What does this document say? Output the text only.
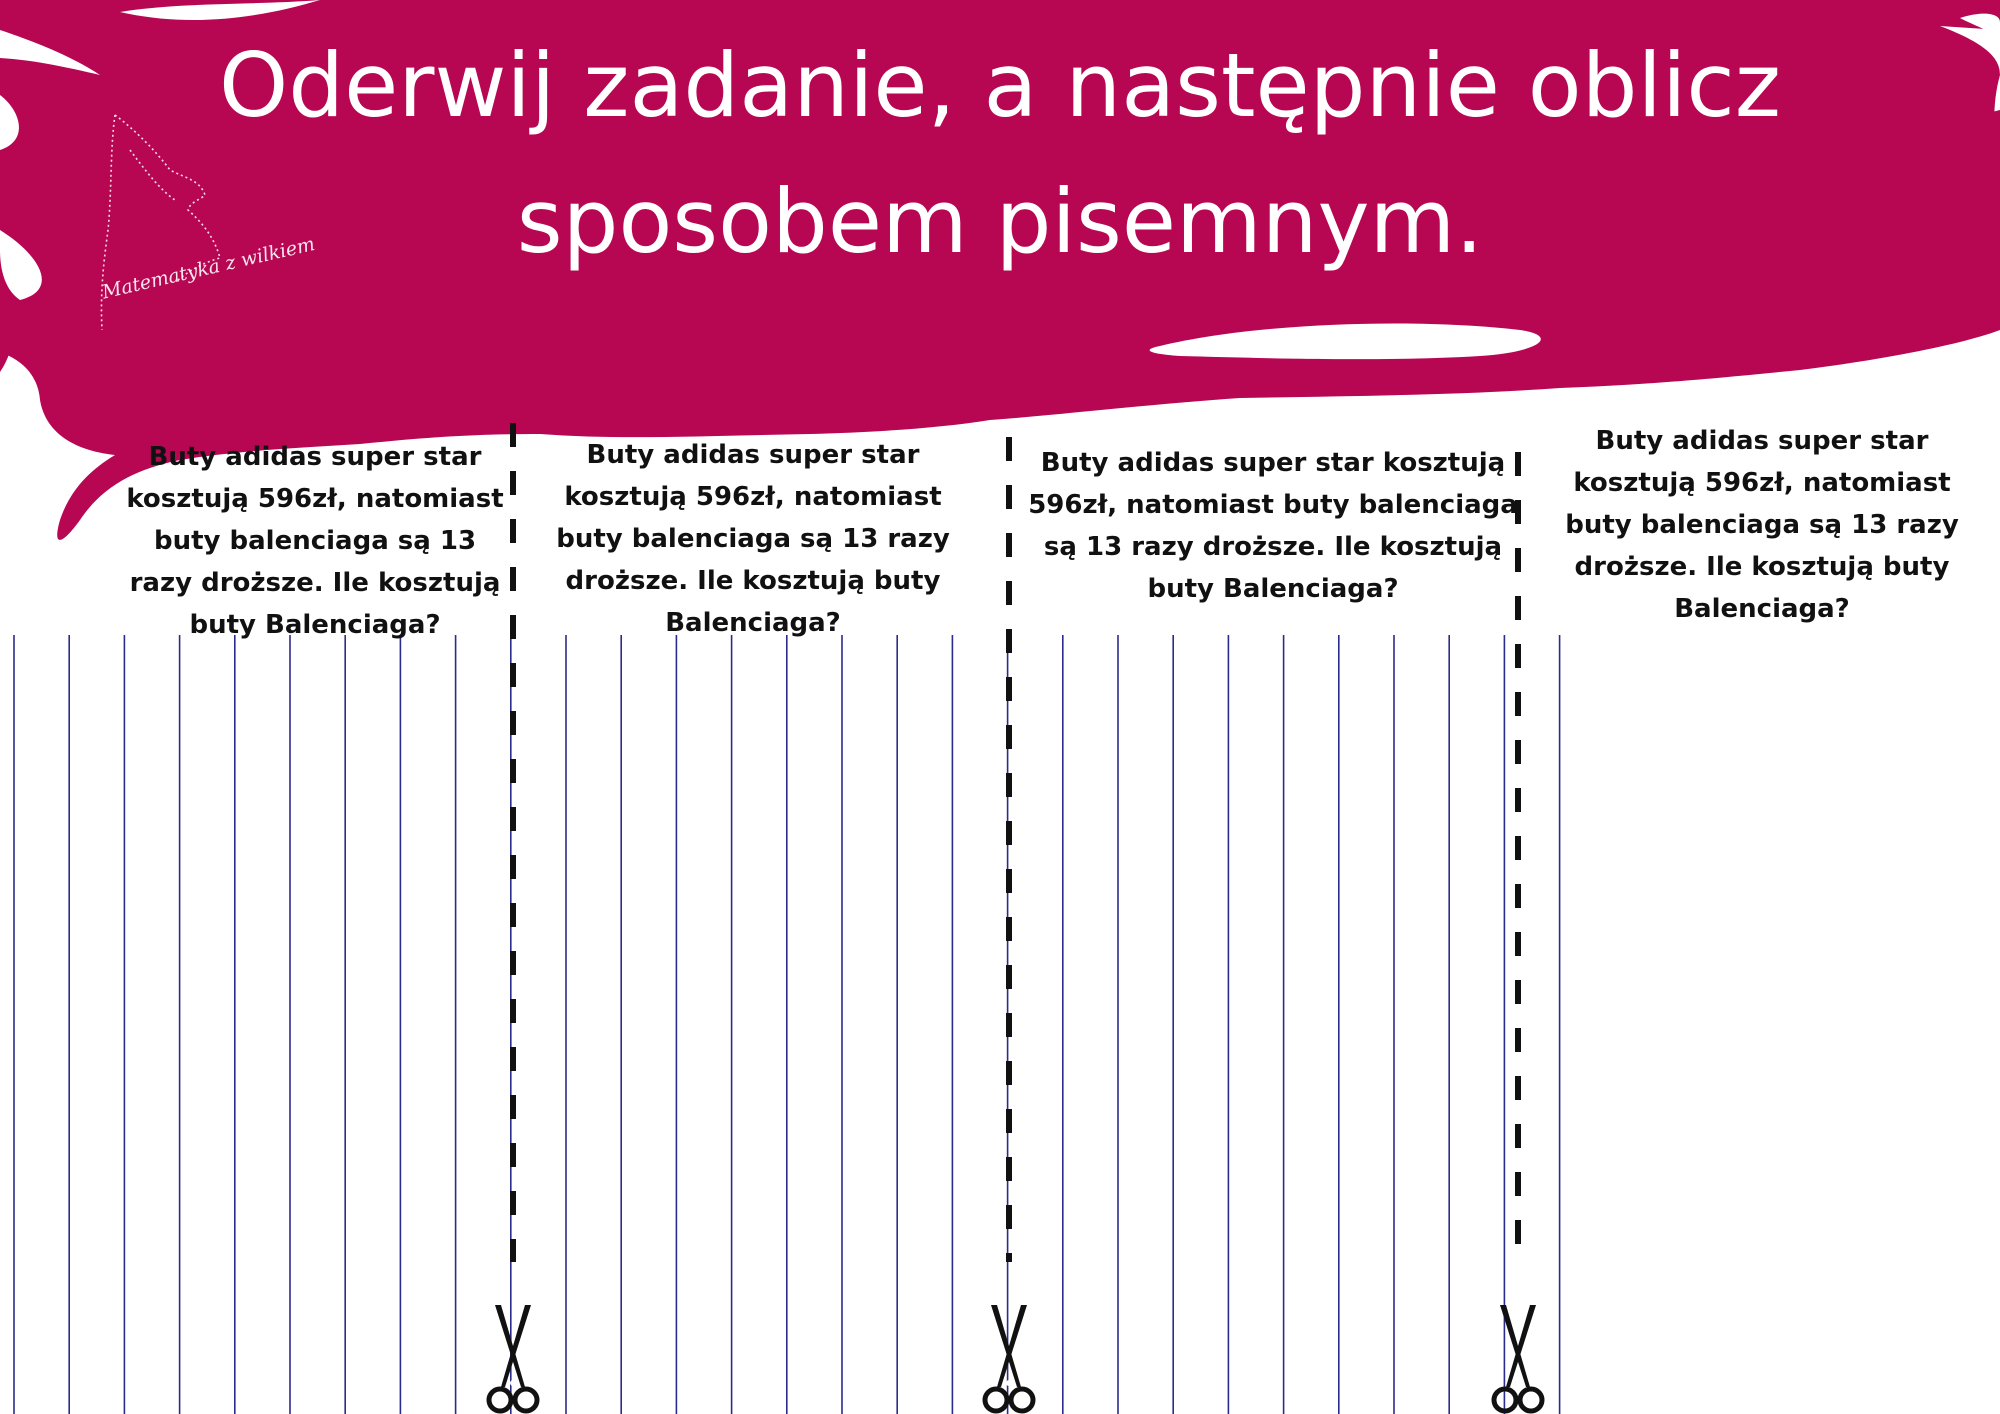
Matematyka z wilkiem
Oderwij zadanie, a następnie oblicz
sposobem pisemnym.
Buty adidas super star kosztują 596zł, natomiast buty balenciaga są 13 razy droższe. Ile kosztują buty Balenciaga?
Buty adidas super star kosztują 596zł, natomiast buty balenciaga są 13 razy droższe. Ile kosztują buty Balenciaga?
Buty adidas super star kosztują 596zł, natomiast buty balenciaga są 13 razy droższe. Ile kosztują buty Balenciaga?
Buty adidas super star kosztują 596zł, natomiast buty balenciaga są 13 razy droższe. Ile kosztują buty Balenciaga?
